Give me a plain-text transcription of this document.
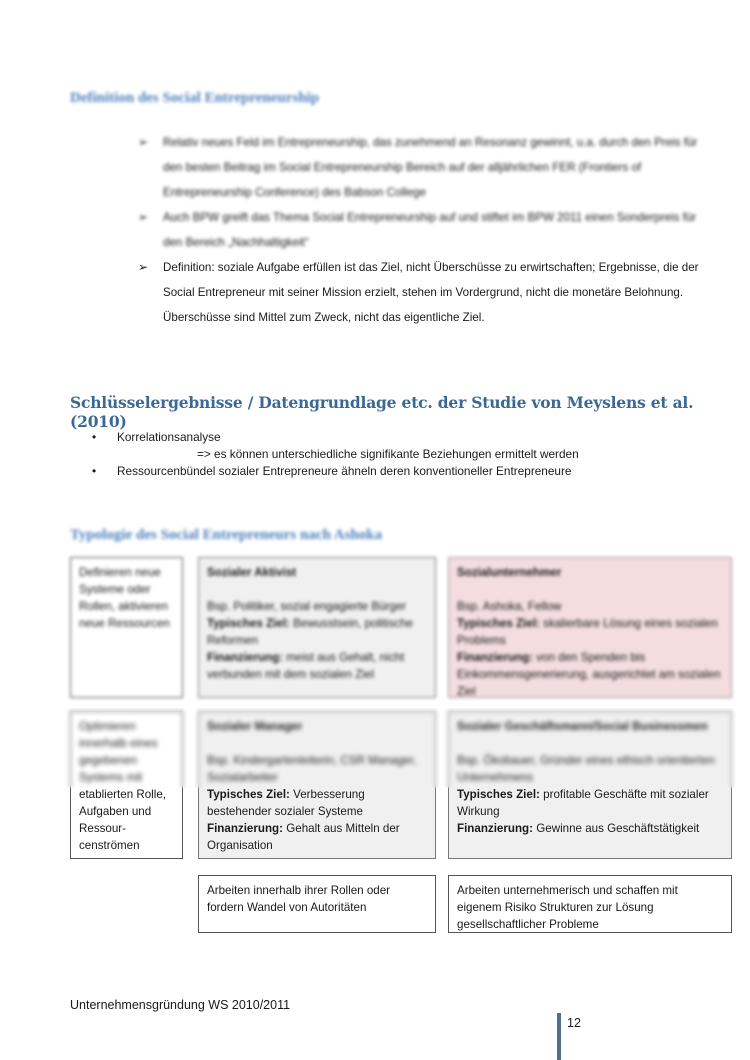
Definition des Social Entrepreneurship
➢ Relativ neues Feld im Entrepreneurship, das zunehmend an Resonanz gewinnt, u.a. durch den Preis für den besten Beitrag im Social Entrepreneurship Bereich auf der alljährlichen FER (Frontiers of Entrepreneurship Conference) des Babson College
➢ Auch BPW greift das Thema Social Entrepreneurship auf und stiftet im BPW 2011 einen Sonderpreis für den Bereich „Nachhaltigkeit“
➢ Definition: soziale Aufgabe erfüllen ist das Ziel, nicht Überschüsse zu erwirtschaften; Ergebnisse, die der Social Entrepreneur mit seiner Mission erzielt, stehen im Vordergrund, nicht die monetäre Belohnung. Überschüsse sind Mittel zum Zweck, nicht das eigentliche Ziel.
Schlüsselergebnisse / Datengrundlage etc. der Studie von Meyslens et al. (2010)
• Korrelationsanalyse
=> es können unterschiedliche signifikante Beziehungen ermittelt werden
• Ressourcenbündel sozialer Entrepreneure ähneln deren konventioneller Entrepreneure
Typologie des Social Entrepreneurs nach Ashoka
Definieren neue Systeme oder Rollen, aktivieren neue Ressourcen
Sozialer Aktivist
Bsp. Politiker, sozial engagierte Bürger
Typisches Ziel: Bewusstsein, politische Reformen
Finanzierung: meist aus Gehalt, nicht verbunden mit dem sozialen Ziel
Sozialunternehmer
Bsp. Ashoka, Fellow
Typisches Ziel: skalierbare Lösung eines sozialen Problems
Finanzierung: von den Spenden bis Einkommensgenerierung, ausgerichtet am sozialen Ziel
Optimieren innerhalb eines gegebenen Systems mit etablierten Rolle, Aufgaben und Ressour-cenströmen
Sozialer Manager
Bsp. Kindergartenleiterin, CSR Manager, Sozialarbeiter
Typisches Ziel: Verbesserung bestehender sozialer Systeme
Finanzierung: Gehalt aus Mitteln der Organisation
Sozialer Geschäftsmann/Social Businessmen
Bsp. Ökobauer, Gründer eines ethisch orientierten Unternehmens
Typisches Ziel: profitable Geschäfte mit sozialer Wirkung
Finanzierung: Gewinne aus Geschäftstätigkeit
Arbeiten innerhalb ihrer Rollen oder fordern Wandel von Autoritäten
Arbeiten unternehmerisch und schaffen mit eigenem Risiko Strukturen zur Lösung gesellschaftlicher Probleme
Unternehmensgründung WS 2010/2011
12
